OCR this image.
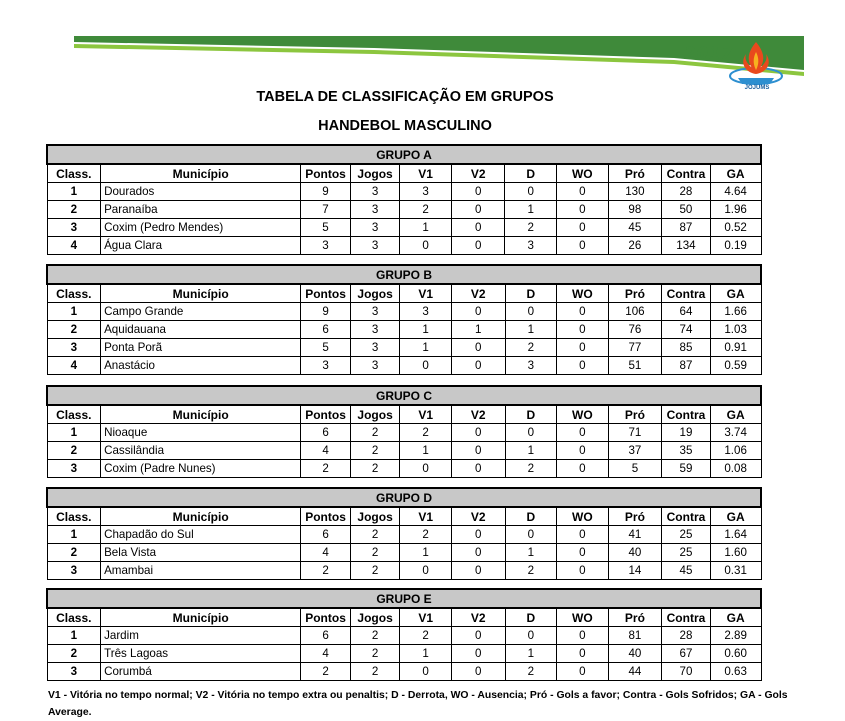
2017
JOJUMS
TABELA DE CLASSIFICAÇÃO EM GRUPOS
HANDEBOL MASCULINO
GRUPO A										
Class.	Município	Pontos	Jogos	V1	V2	D	WO	Pró	Contra	GA
1	Dourados	9	3	3	0	0	0	130	28	4.64
2	Paranaíba	7	3	2	0	1	0	98	50	1.96
3	Coxim (Pedro Mendes)	5	3	1	0	2	0	45	87	0.52
4	Água Clara	3	3	0	0	3	0	26	134	0.19
GRUPO B										
Class.	Município	Pontos	Jogos	V1	V2	D	WO	Pró	Contra	GA
1	Campo Grande	9	3	3	0	0	0	106	64	1.66
2	Aquidauana	6	3	1	1	1	0	76	74	1.03
3	Ponta Porã	5	3	1	0	2	0	77	85	0.91
4	Anastácio	3	3	0	0	3	0	51	87	0.59
GRUPO C										
Class.	Município	Pontos	Jogos	V1	V2	D	WO	Pró	Contra	GA
1	Nioaque	6	2	2	0	0	0	71	19	3.74
2	Cassilândia	4	2	1	0	1	0	37	35	1.06
3	Coxim (Padre Nunes)	2	2	0	0	2	0	5	59	0.08
GRUPO D										
Class.	Município	Pontos	Jogos	V1	V2	D	WO	Pró	Contra	GA
1	Chapadão do Sul	6	2	2	0	0	0	41	25	1.64
2	Bela Vista	4	2	1	0	1	0	40	25	1.60
3	Amambai	2	2	0	0	2	0	14	45	0.31
GRUPO E										
Class.	Município	Pontos	Jogos	V1	V2	D	WO	Pró	Contra	GA
1	Jardim	6	2	2	0	0	0	81	28	2.89
2	Três Lagoas	4	2	1	0	1	0	40	67	0.60
3	Corumbá	2	2	0	0	2	0	44	70	0.63
V1 - Vitória no tempo normal; V2 - Vitória no tempo extra ou penaltis; D - Derrota, WO - Ausencia; Pró - Gols a favor; Contra - Gols Sofridos; GA - Gols Average.
